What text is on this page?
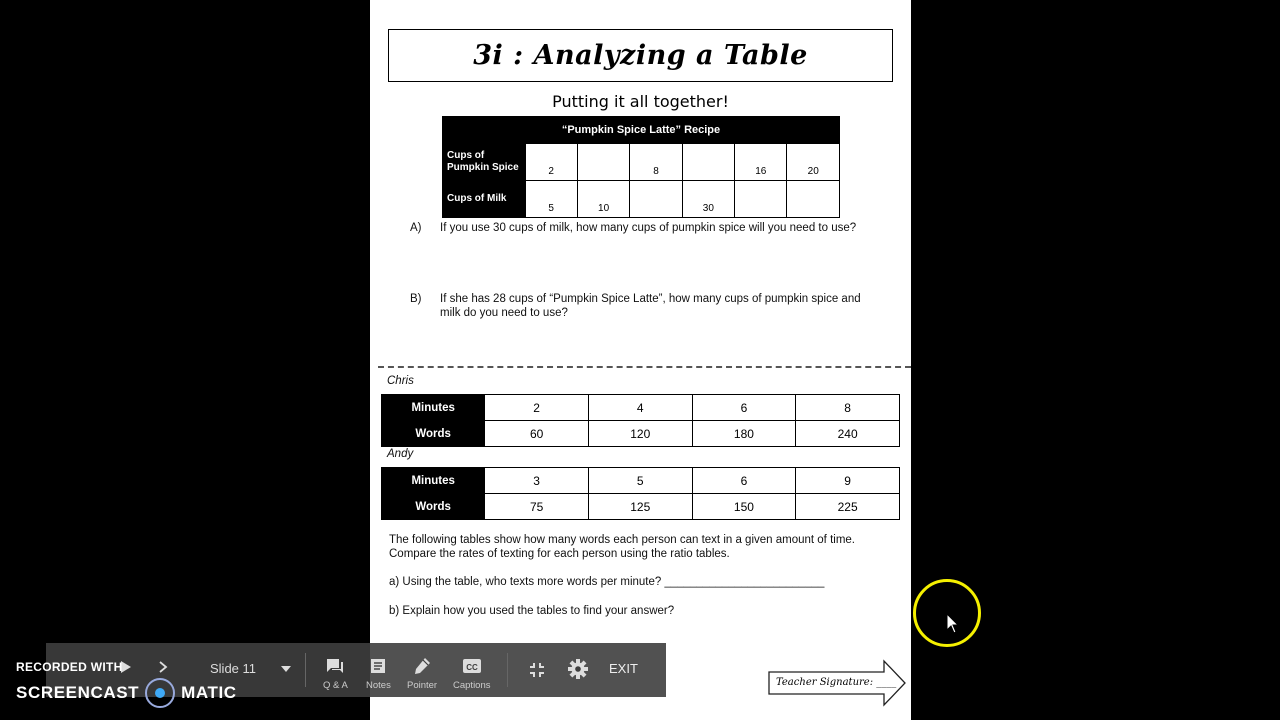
3i : Analyzing a Table
Putting it all together!
“Pumpkin Spice Latte” Recipe						
Cups of Pumpkin Spice	2		8		16	20
Cups of Milk	5	10		30		
A)	If you use 30 cups of milk, how many cups of pumpkin spice will you need to use?
B)	If she has 28 cups of “Pumpkin Spice Latte”, how many cups of pumpkin spice and milk do you need to use?
Chris
Minutes	2	4	6	8
Words	60	120	180	240
Andy
Minutes	3	5	6	9
Words	75	125	150	225
The following tables show how many words each person can text in a given amount of time. Compare the rates of texting for each person using the ratio tables.
a) Using the table, who texts more words per minute? _________________________
b) Explain how you used the tables to find your answer?
Teacher Signature: ____
Slide 11
Q & A Notes Pointer
CC
Captions
EXIT
RECORDED WITH
SCREENCAST MATIC
